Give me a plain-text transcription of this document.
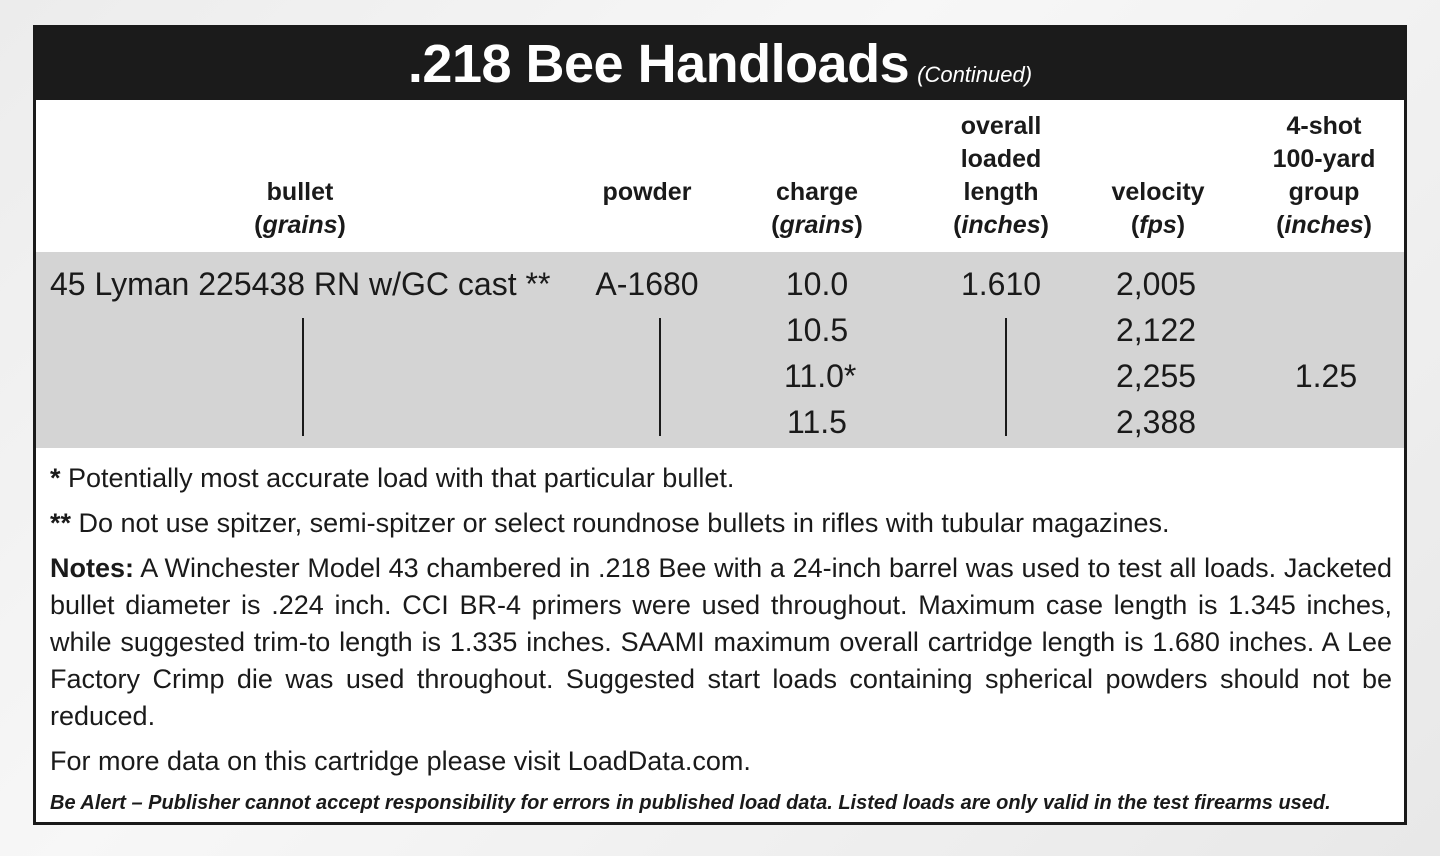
.218 Bee Handloads (Continued)
bullet
(grains)
powder
	charge
(grains)
overall
loaded
length
(inches)
velocity
(fps)
4-shot
100-yard
group
(inches)
45 Lyman 225438 RN w/GC cast ** A-1680	10.0
10.5
11.0*
11.5
1.610 2,005
2,122
2,255
2,388
1.25

* Potentially most accurate load with that particular bullet.

** Do not use spitzer, semi-spitzer or select roundnose bullets in rifles with tubular magazines.

Notes: A Winchester Model 43 chambered in .218 Bee with a 24-inch barrel was used to test all loads. Jacketed bullet diameter is .224 inch. CCI BR-4 primers were used throughout. Maximum case length is 1.345 inches, while suggested trim-to length is 1.335 inches. SAAMI maximum overall cartridge length is 1.680 inches. A Lee Factory Crimp die was used throughout. Suggested start loads containing spherical powders should not be reduced.

For more data on this cartridge please visit LoadData.com.

Be Alert – Publisher cannot accept responsibility for errors in published load data. Listed loads are only valid in the test firearms used.
